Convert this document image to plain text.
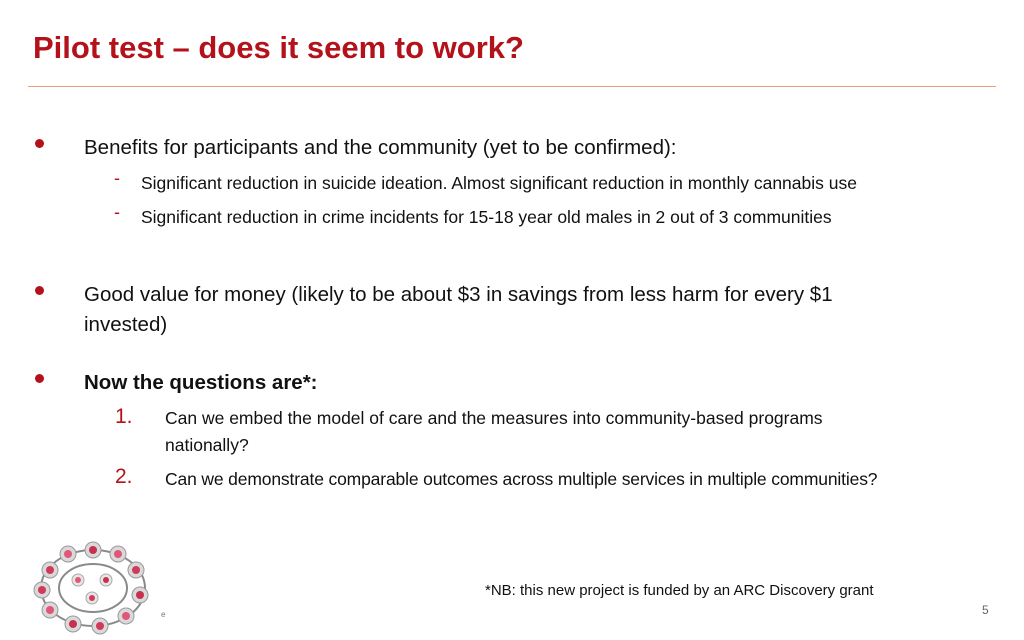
Pilot test – does it seem to work?
Benefits for participants and the community (yet to be confirmed):
- Significant reduction in suicide ideation. Almost significant reduction in monthly cannabis use
- Significant reduction in crime incidents for 15-18 year old males in 2 out of 3 communities
Good value for money (likely to be about $3 in savings from less harm for every $1
invested)
Now the questions are*:
1. Can we embed the model of care and the measures into community-based programs
nationally?
2. Can we demonstrate comparable outcomes across multiple services in multiple communities?
e
*NB: this new project is funded by an ARC Discovery grant
5
